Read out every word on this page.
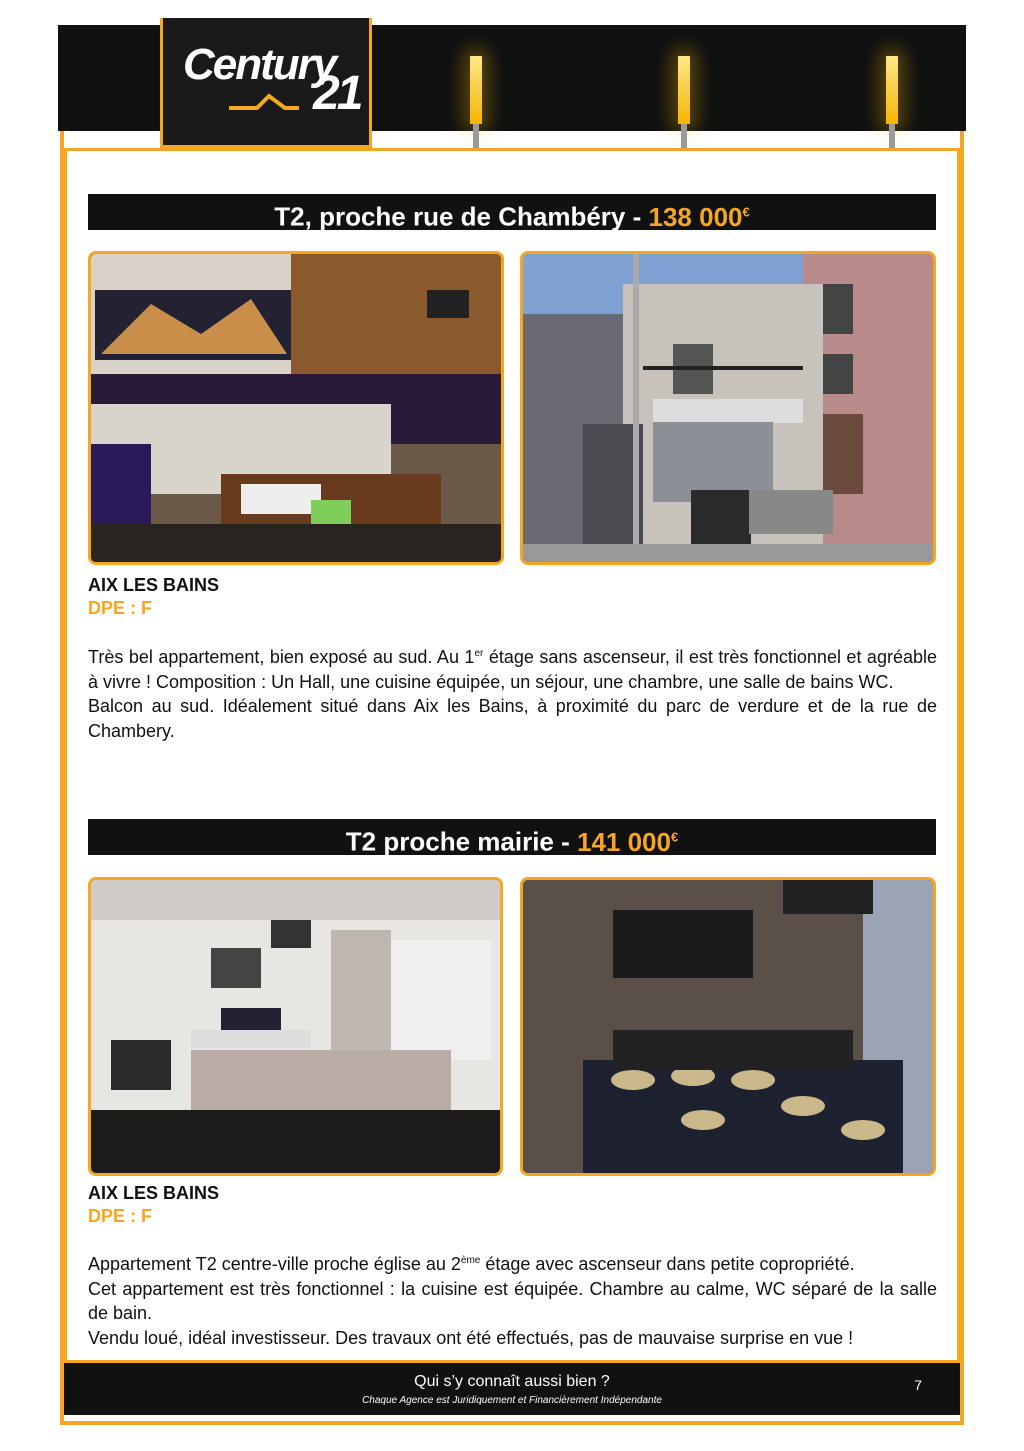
Century
21
T2, proche rue de Chambéry - 138 000€
AIX LES BAINS
DPE : F

Très bel appartement, bien exposé au sud. Au 1er étage sans ascenseur, il est très fonctionnel et agréable à vivre ! Composition : Un Hall, une cuisine équipée, un séjour, une chambre, une salle de bains WC.

Balcon au sud. Idéalement situé dans Aix les Bains, à proximité du parc de verdure et de la rue de Chambery.

T2 proche mairie - 141 000€
AIX LES BAINS
DPE : F

Appartement T2 centre-ville proche église au 2ème étage avec ascenseur dans petite copropriété.

Cet appartement est très fonctionnel : la cuisine est équipée. Chambre au calme, WC séparé de la salle de bain.

Vendu loué, idéal investisseur. Des travaux ont été effectués, pas de mauvaise surprise en vue !

Qui s’y connaît aussi bien ?
Chaque Agence est Juridiquement et Financièrement Indépendante
7
